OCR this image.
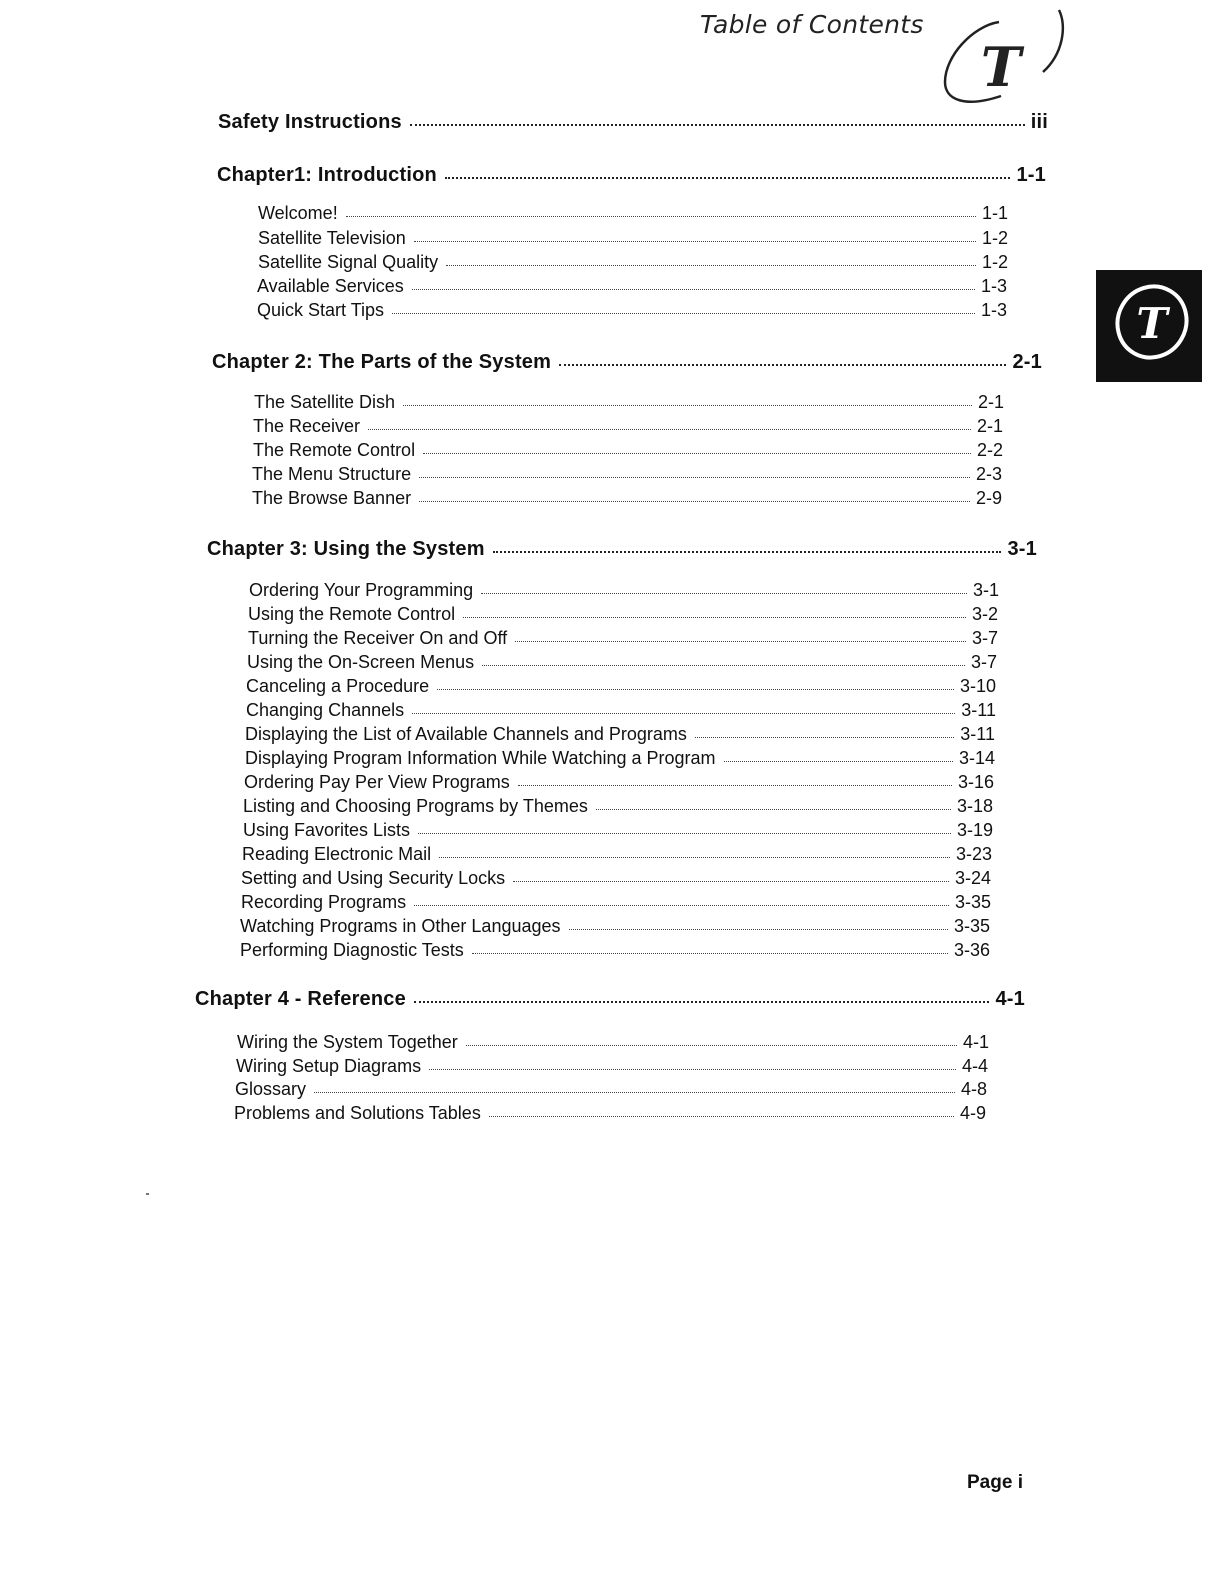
Table of Contents
T
T
Safety Instructions	iii
Chapter1: Introduction	1-1
Welcome!	1-1
Satellite Television	1-2
Satellite Signal Quality	1-2
Available Services	1-3
Quick Start Tips	1-3
Chapter 2: The Parts of the System	2-1
The Satellite Dish	2-1
The Receiver	2-1
The Remote Control	2-2
The Menu Structure	2-3
The Browse Banner	2-9
Chapter 3: Using the System	3-1
Ordering Your Programming	3-1
Using the Remote Control	3-2
Turning the Receiver On and Off	3-7
Using the On-Screen Menus	3-7
Canceling a Procedure	3-10
Changing Channels	3-11
Displaying the List of Available Channels and Programs	3-11
Displaying Program Information While Watching a Program	3-14
Ordering Pay Per View Programs	3-16
Listing and Choosing Programs by Themes	3-18
Using Favorites Lists	3-19
Reading Electronic Mail	3-23
Setting and Using Security Locks	3-24
Recording Programs	3-35
Watching Programs in Other Languages	3-35
Performing Diagnostic Tests	3-36
Chapter 4 - Reference	4-1
Wiring the System Together	4-1
Wiring Setup Diagrams	4-4
Glossary	4-8
Problems and Solutions Tables	4-9
Page i
